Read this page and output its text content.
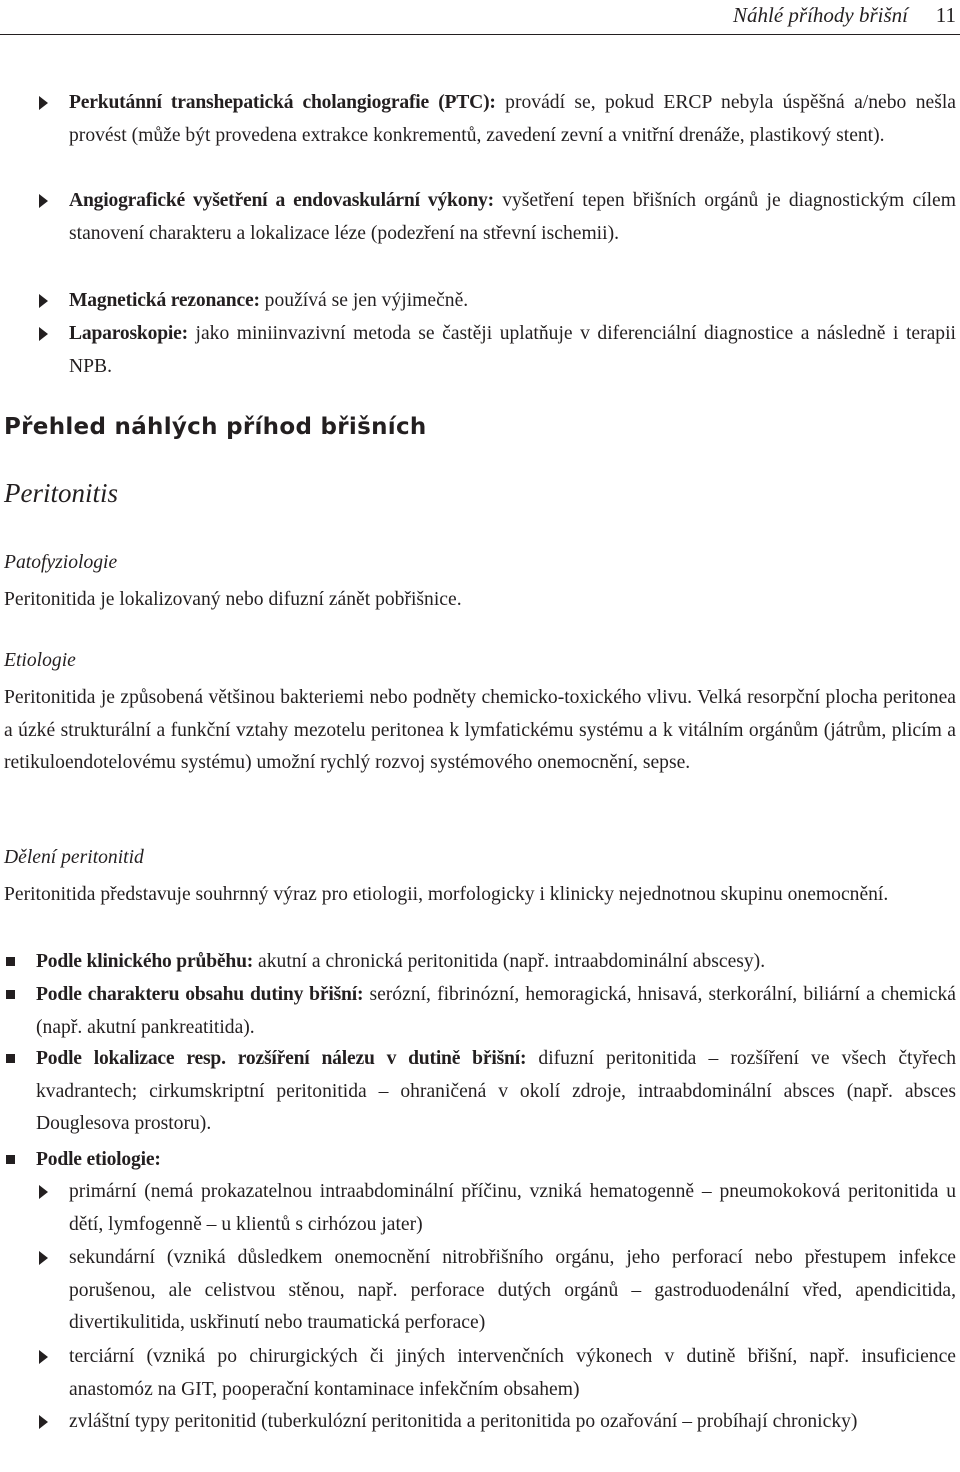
Náhlé příhody břišní 11

Perkutánní transhepatická cholangiografie (PTC): provádí se, pokud ERCP nebyla úspěšná a/nebo nešla provést (může být provedena extrakce konkrementů, zavedení zevní a vnitřní drenáže, plastikový stent).

Angiografické vyšetření a endovaskulární výkony: vyšetření tepen břišních orgánů je diagnostickým cílem stanovení charakteru a lokalizace léze (podezření na střevní ischemii).

Magnetická rezonance: používá se jen výjimečně.

Laparoskopie: jako miniinvazivní metoda se častěji uplatňuje v diferenciální diagnostice a následně i terapii NPB.

Přehled náhlých příhod břišních
Peritonitis
Patofyziologie

Peritonitida je lokalizovaný nebo difuzní zánět pobřišnice.

Etiologie

Peritonitida je způsobená většinou bakteriemi nebo podněty chemicko-toxického vlivu. Velká resorpční plocha peritonea a úzké strukturální a funkční vztahy mezotelu peritonea k lymfatickému systému a k vitálním orgánům (játrům, plicím a retikuloendotelovému systému) umožní rychlý rozvoj systémového onemocnění, sepse.

Dělení peritonitid

Peritonitida představuje souhrnný výraz pro etiologii, morfologicky i klinicky nejednotnou skupinu onemocnění.

Podle klinického průběhu: akutní a chronická peritonitida (např. intraabdominální abscesy).

Podle charakteru obsahu dutiny břišní: serózní, fibrinózní, hemoragická, hnisavá, sterkorální, biliární a chemická (např. akutní pankreatitida).

Podle lokalizace resp. rozšíření nálezu v dutině břišní: difuzní peritonitida – rozšíření ve všech čtyřech kvadrantech; cirkumskriptní peritonitida – ohraničená v okolí zdroje, intraabdominální absces (např. absces Douglesova prostoru).

Podle etiologie:

primární (nemá prokazatelnou intraabdominální příčinu, vzniká hematogenně – pneumokoková peritonitida u dětí, lymfogenně – u klientů s cirhózou jater)

sekundární (vzniká důsledkem onemocnění nitrobřišního orgánu, jeho perforací nebo přestupem infekce porušenou, ale celistvou stěnou, např. perforace dutých orgánů – gastroduodenální vřed, apendicitida, divertikulitida, uskřinutí nebo traumatická perforace)

terciární (vzniká po chirurgických či jiných intervenčních výkonech v dutině břišní, např. insuficience anastomóz na GIT, pooperační kontaminace infekčním obsahem)

zvláštní typy peritonitid (tuberkulózní peritonitida a peritonitida po ozařování – probíhají chronicky)
